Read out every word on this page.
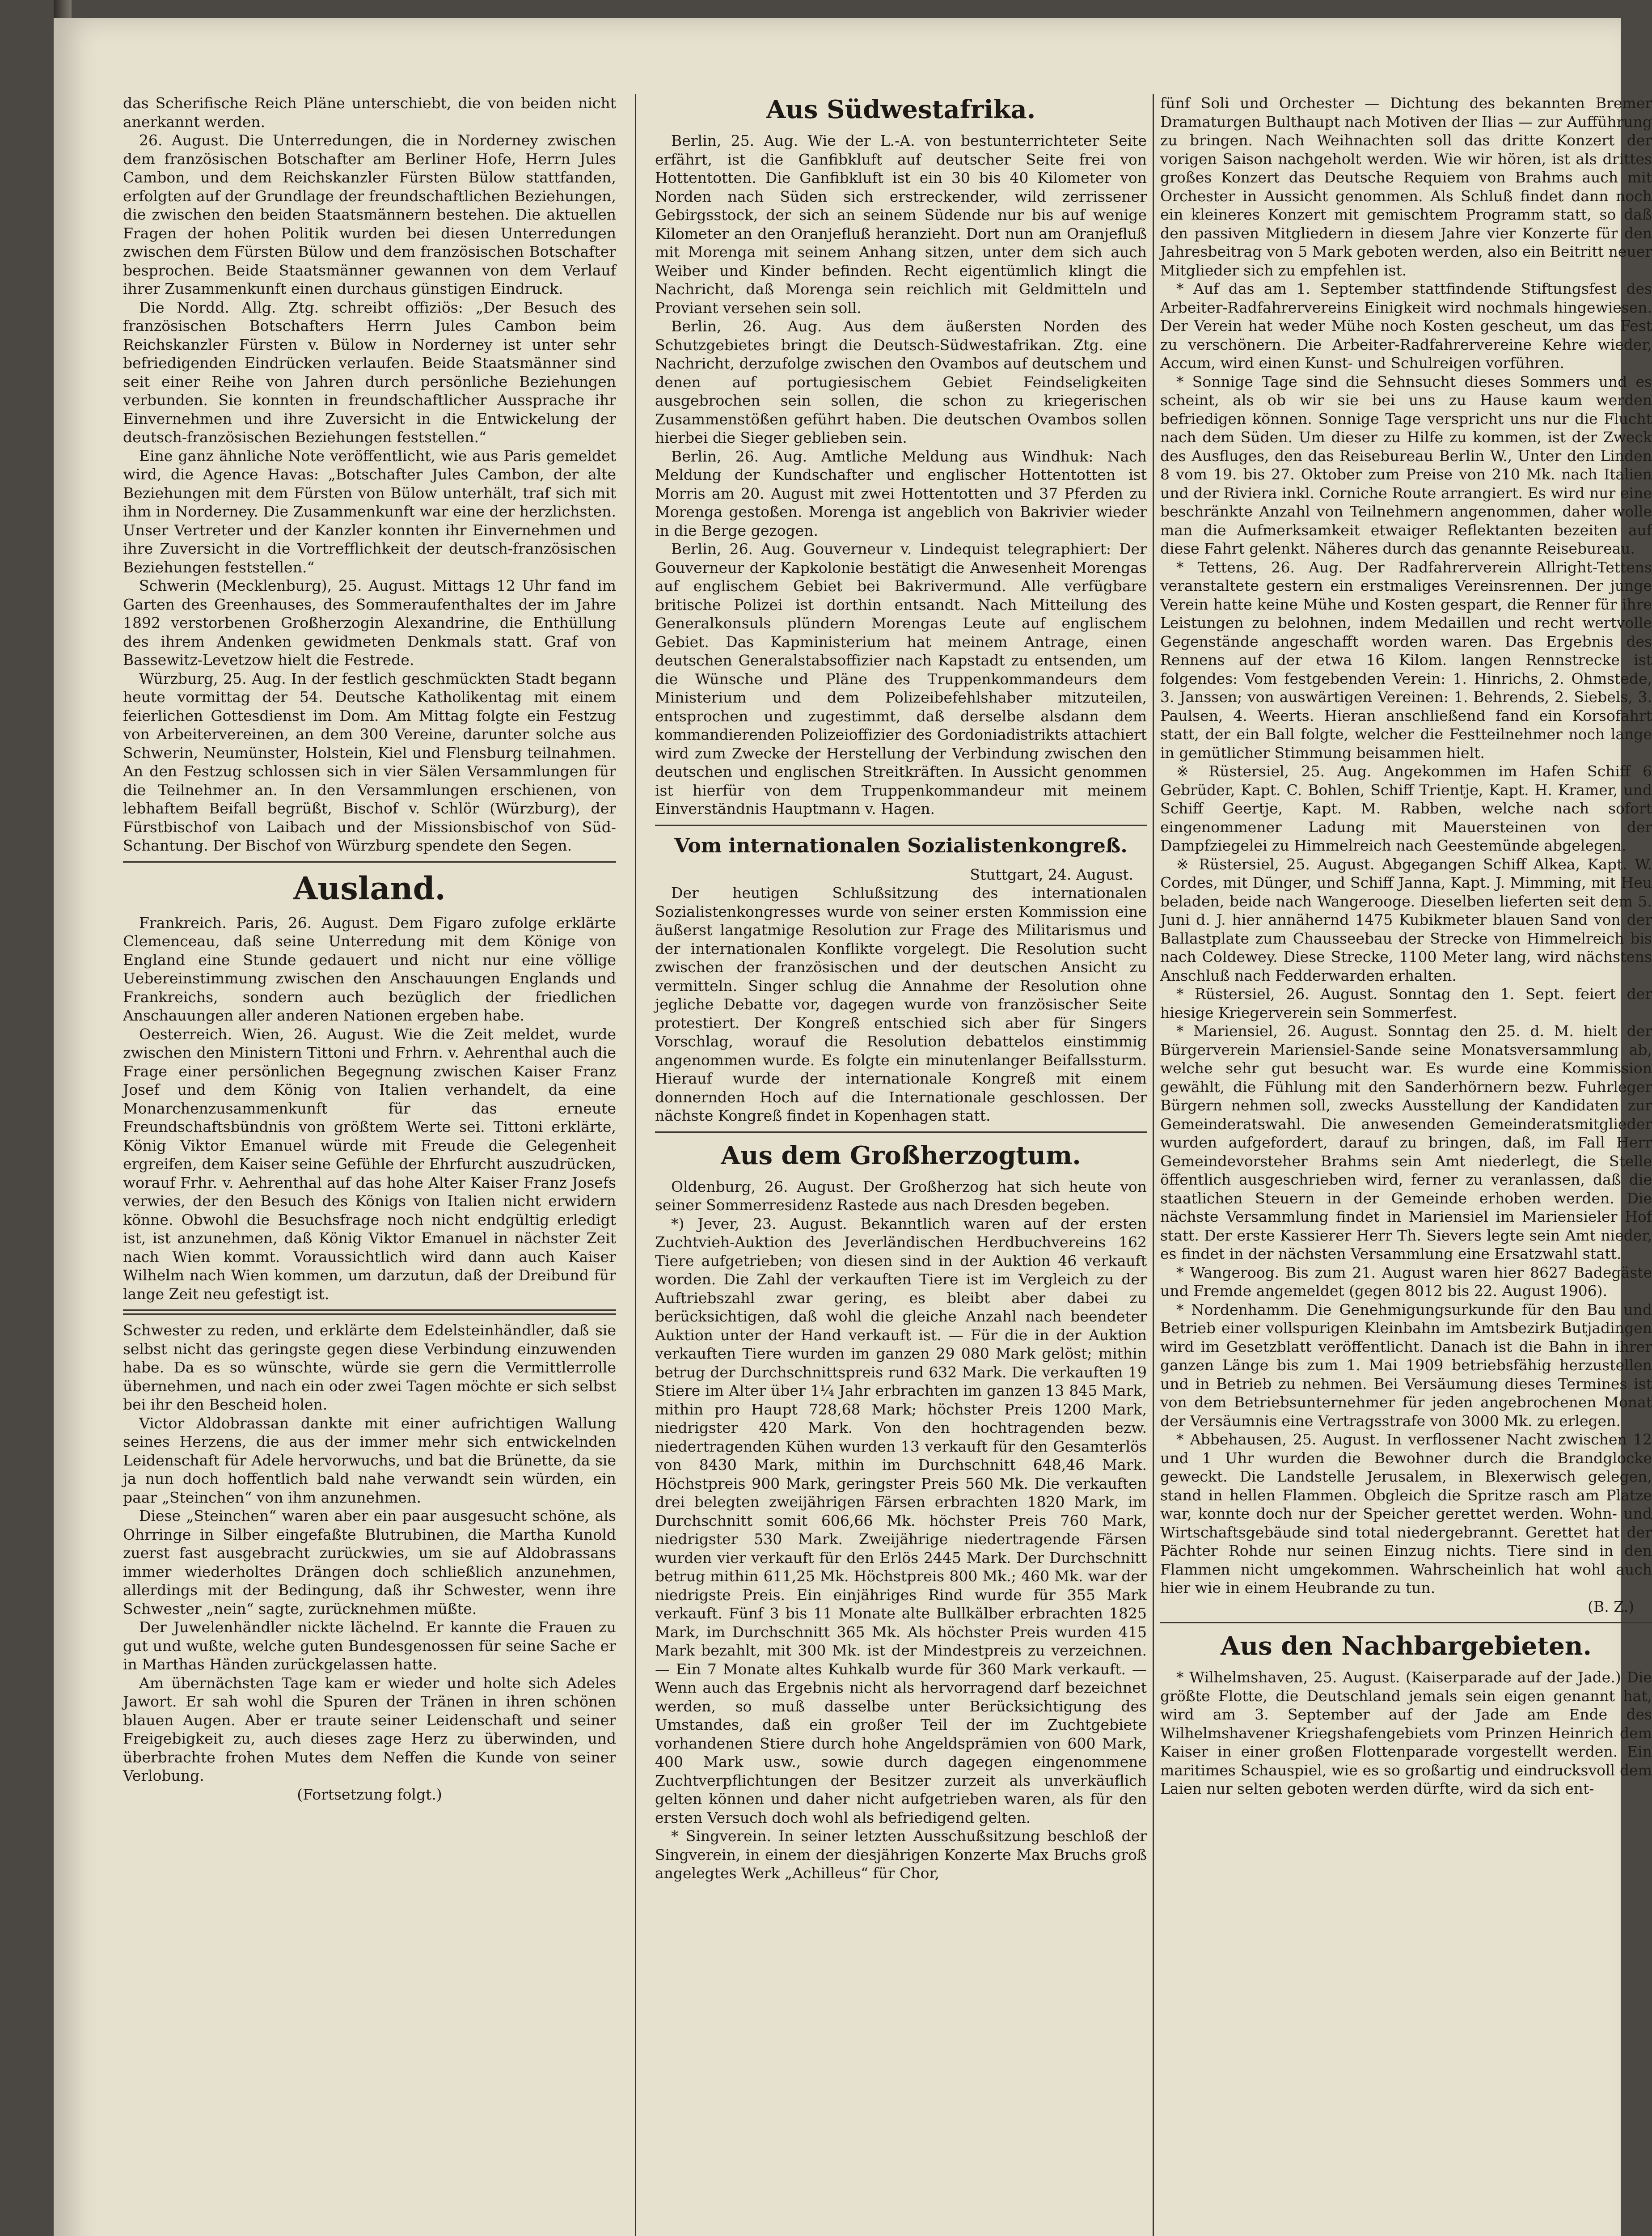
das Scherifische Reich Pläne unterschiebt, die von beiden nicht anerkannt werden.

26. August. Die Unterredungen, die in Norderney zwischen dem französischen Botschafter am Berliner Hofe, Herrn Jules Cambon, und dem Reichskanzler Fürsten Bülow stattfanden, erfolgten auf der Grundlage der freundschaftlichen Beziehungen, die zwischen den beiden Staatsmännern bestehen. Die aktuellen Fragen der hohen Politik wurden bei diesen Unterredungen zwischen dem Fürsten Bülow und dem französischen Botschafter besprochen. Beide Staatsmänner gewannen von dem Verlauf ihrer Zusammenkunft einen durchaus günstigen Eindruck.

Die Nordd. Allg. Ztg. schreibt offiziös: „Der Besuch des französischen Botschafters Herrn Jules Cambon beim Reichskanzler Fürsten v. Bülow in Norderney ist unter sehr befriedigenden Eindrücken verlaufen. Beide Staatsmänner sind seit einer Reihe von Jahren durch persönliche Beziehungen verbunden. Sie konnten in freundschaftlicher Aussprache ihr Einvernehmen und ihre Zuversicht in die Entwickelung der deutsch-französischen Beziehungen feststellen.“

Eine ganz ähnliche Note veröffentlicht, wie aus Paris gemeldet wird, die Agence Havas: „Botschafter Jules Cambon, der alte Beziehungen mit dem Fürsten von Bülow unterhält, traf sich mit ihm in Norderney. Die Zusammenkunft war eine der herzlichsten. Unser Vertreter und der Kanzler konnten ihr Einvernehmen und ihre Zuversicht in die Vortrefflichkeit der deutsch-französischen Beziehungen feststellen.“

Schwerin (Mecklenburg), 25. August. Mittags 12 Uhr fand im Garten des Greenhauses, des Sommeraufenthaltes der im Jahre 1892 verstorbenen Großherzogin Alexandrine, die Enthüllung des ihrem Andenken gewidmeten Denkmals statt. Graf von Bassewitz-Levetzow hielt die Festrede.

Würzburg, 25. Aug. In der festlich geschmückten Stadt begann heute vormittag der 54. Deutsche Katholikentag mit einem feierlichen Gottesdienst im Dom. Am Mittag folgte ein Festzug von Arbeitervereinen, an dem 300 Vereine, darunter solche aus Schwerin, Neumünster, Holstein, Kiel und Flensburg teilnahmen. An den Festzug schlossen sich in vier Sälen Versammlungen für die Teilnehmer an. In den Versammlungen erschienen, von lebhaftem Beifall begrüßt, Bischof v. Schlör (Würzburg), der Fürstbischof von Laibach und der Missionsbischof von Süd-Schantung. Der Bischof von Würzburg spendete den Segen.

Ausland.

Frankreich. Paris, 26. August. Dem Figaro zufolge erklärte Clemenceau, daß seine Unterredung mit dem Könige von England eine Stunde gedauert und nicht nur eine völlige Uebereinstimmung zwischen den Anschauungen Englands und Frankreichs, sondern auch bezüglich der friedlichen Anschauungen aller anderen Nationen ergeben habe.

Oesterreich. Wien, 26. August. Wie die Zeit meldet, wurde zwischen den Ministern Tittoni und Frhrn. v. Aehrenthal auch die Frage einer persönlichen Begegnung zwischen Kaiser Franz Josef und dem König von Italien verhandelt, da eine Monarchenzusammenkunft für das erneute Freundschaftsbündnis von größtem Werte sei. Tittoni erklärte, König Viktor Emanuel würde mit Freude die Gelegenheit ergreifen, dem Kaiser seine Gefühle der Ehrfurcht auszudrücken, worauf Frhr. v. Aehrenthal auf das hohe Alter Kaiser Franz Josefs verwies, der den Besuch des Königs von Italien nicht erwidern könne. Obwohl die Besuchsfrage noch nicht endgültig erledigt ist, ist anzunehmen, daß König Viktor Emanuel in nächster Zeit nach Wien kommt. Voraussichtlich wird dann auch Kaiser Wilhelm nach Wien kommen, um darzutun, daß der Dreibund für lange Zeit neu gefestigt ist.

Schwester zu reden, und erklärte dem Edelsteinhändler, daß sie selbst nicht das geringste gegen diese Verbindung einzuwenden habe. Da es so wünschte, würde sie gern die Vermittlerrolle übernehmen, und nach ein oder zwei Tagen möchte er sich selbst bei ihr den Bescheid holen.

Victor Aldobrassan dankte mit einer aufrichtigen Wallung seines Herzens, die aus der immer mehr sich entwickelnden Leidenschaft für Adele hervorwuchs, und bat die Brünette, da sie ja nun doch hoffentlich bald nahe verwandt sein würden, ein paar „Steinchen“ von ihm anzunehmen.

Diese „Steinchen“ waren aber ein paar ausgesucht schöne, als Ohrringe in Silber eingefaßte Blutrubinen, die Martha Kunold zuerst fast ausgebracht zurückwies, um sie auf Aldobrassans immer wiederholtes Drängen doch schließlich anzunehmen, allerdings mit der Bedingung, daß ihr Schwester, wenn ihre Schwester „nein“ sagte, zurücknehmen müßte.

Der Juwelenhändler nickte lächelnd. Er kannte die Frauen zu gut und wußte, welche guten Bundesgenossen für seine Sache er in Marthas Händen zurückgelassen hatte.

Am übernächsten Tage kam er wieder und holte sich Adeles Jawort. Er sah wohl die Spuren der Tränen in ihren schönen blauen Augen. Aber er traute seiner Leidenschaft und seiner Freigebigkeit zu, auch dieses zage Herz zu überwinden, und überbrachte frohen Mutes dem Neffen die Kunde von seiner Verlobung.

(Fortsetzung folgt.)
Aus Südwestafrika.

Berlin, 25. Aug. Wie der L.-A. von bestunterrichteter Seite erfährt, ist die Ganfibkluft auf deutscher Seite frei von Hottentotten. Die Ganfibkluft ist ein 30 bis 40 Kilometer von Norden nach Süden sich erstreckender, wild zerrissener Gebirgsstock, der sich an seinem Südende nur bis auf wenige Kilometer an den Oranjefluß heranzieht. Dort nun am Oranjefluß mit Morenga mit seinem Anhang sitzen, unter dem sich auch Weiber und Kinder befinden. Recht eigentümlich klingt die Nachricht, daß Morenga sein reichlich mit Geldmitteln und Proviant versehen sein soll.

Berlin, 26. Aug. Aus dem äußersten Norden des Schutzgebietes bringt die Deutsch-Südwestafrikan. Ztg. eine Nachricht, derzufolge zwischen den Ovambos auf deutschem und denen auf portugiesischem Gebiet Feindseligkeiten ausgebrochen sein sollen, die schon zu kriegerischen Zusammenstößen geführt haben. Die deutschen Ovambos sollen hierbei die Sieger geblieben sein.

Berlin, 26. Aug. Amtliche Meldung aus Windhuk: Nach Meldung der Kundschafter und englischer Hottentotten ist Morris am 20. August mit zwei Hottentotten und 37 Pferden zu Morenga gestoßen. Morenga ist angeblich von Bakrivier wieder in die Berge gezogen.

Berlin, 26. Aug. Gouverneur v. Lindequist telegraphiert: Der Gouverneur der Kapkolonie bestätigt die Anwesenheit Morengas auf englischem Gebiet bei Bakrivermund. Alle verfügbare britische Polizei ist dorthin entsandt. Nach Mitteilung des Generalkonsuls plündern Morengas Leute auf englischem Gebiet. Das Kapministerium hat meinem Antrage, einen deutschen Generalstabsoffizier nach Kapstadt zu entsenden, um die Wünsche und Pläne des Truppenkommandeurs dem Ministerium und dem Polizeibefehlshaber mitzuteilen, entsprochen und zugestimmt, daß derselbe alsdann dem kommandierenden Polizeioffizier des Gordoniadistrikts attachiert wird zum Zwecke der Herstellung der Verbindung zwischen den deutschen und englischen Streitkräften. In Aussicht genommen ist hierfür von dem Truppenkommandeur mit meinem Einverständnis Hauptmann v. Hagen.

Vom internationalen Sozialistenkongreß.
Stuttgart, 24. August.

Der heutigen Schlußsitzung des internationalen Sozialistenkongresses wurde von seiner ersten Kommission eine äußerst langatmige Resolution zur Frage des Militarismus und der internationalen Konflikte vorgelegt. Die Resolution sucht zwischen der französischen und der deutschen Ansicht zu vermitteln. Singer schlug die Annahme der Resolution ohne jegliche Debatte vor, dagegen wurde von französischer Seite protestiert. Der Kongreß entschied sich aber für Singers Vorschlag, worauf die Resolution debattelos einstimmig angenommen wurde. Es folgte ein minutenlanger Beifallssturm. Hierauf wurde der internationale Kongreß mit einem donnernden Hoch auf die Internationale geschlossen. Der nächste Kongreß findet in Kopenhagen statt.

Aus dem Großherzogtum.

Oldenburg, 26. August. Der Großherzog hat sich heute von seiner Sommerresidenz Rastede aus nach Dresden begeben.

*) Jever, 23. August. Bekanntlich waren auf der ersten Zuchtvieh-Auktion des Jeverländischen Herdbuchvereins 162 Tiere aufgetrieben; von diesen sind in der Auktion 46 verkauft worden. Die Zahl der verkauften Tiere ist im Vergleich zu der Auftriebszahl zwar gering, es bleibt aber dabei zu berücksichtigen, daß wohl die gleiche Anzahl nach beendeter Auktion unter der Hand verkauft ist. — Für die in der Auktion verkauften Tiere wurden im ganzen 29 080 Mark gelöst; mithin betrug der Durchschnittspreis rund 632 Mark. Die verkauften 19 Stiere im Alter über 1¼ Jahr erbrachten im ganzen 13 845 Mark, mithin pro Haupt 728,68 Mark; höchster Preis 1200 Mark, niedrigster 420 Mark. Von den hochtragenden bezw. niedertragenden Kühen wurden 13 verkauft für den Gesamterlös von 8430 Mark, mithin im Durchschnitt 648,46 Mark. Höchstpreis 900 Mark, geringster Preis 560 Mk. Die verkauften drei belegten zweijährigen Färsen erbrachten 1820 Mark, im Durchschnitt somit 606,66 Mk. höchster Preis 760 Mark, niedrigster 530 Mark. Zweijährige niedertragende Färsen wurden vier verkauft für den Erlös 2445 Mark. Der Durchschnitt betrug mithin 611,25 Mk. Höchstpreis 800 Mk.; 460 Mk. war der niedrigste Preis. Ein einjähriges Rind wurde für 355 Mark verkauft. Fünf 3 bis 11 Monate alte Bullkälber erbrachten 1825 Mark, im Durchschnitt 365 Mk. Als höchster Preis wurden 415 Mark bezahlt, mit 300 Mk. ist der Mindestpreis zu verzeichnen. — Ein 7 Monate altes Kuhkalb wurde für 360 Mark verkauft. — Wenn auch das Ergebnis nicht als hervorragend darf bezeichnet werden, so muß dasselbe unter Berücksichtigung des Umstandes, daß ein großer Teil der im Zuchtgebiete vorhandenen Stiere durch hohe Angeldsprämien von 600 Mark, 400 Mark usw., sowie durch dagegen eingenommene Zuchtverpflichtungen der Besitzer zurzeit als unverkäuflich gelten können und daher nicht aufgetrieben waren, als für den ersten Versuch doch wohl als befriedigend gelten.

* Singverein. In seiner letzten Ausschußsitzung beschloß der Singverein, in einem der diesjährigen Konzerte Max Bruchs groß angelegtes Werk „Achilleus“ für Chor,

fünf Soli und Orchester — Dichtung des bekannten Bremer Dramaturgen Bulthaupt nach Motiven der Ilias — zur Aufführung zu bringen. Nach Weihnachten soll das dritte Konzert der vorigen Saison nachgeholt werden. Wie wir hören, ist als drittes großes Konzert das Deutsche Requiem von Brahms auch mit Orchester in Aussicht genommen. Als Schluß findet dann noch ein kleineres Konzert mit gemischtem Programm statt, so daß den passiven Mitgliedern in diesem Jahre vier Konzerte für den Jahresbeitrag von 5 Mark geboten werden, also ein Beitritt neuer Mitglieder sich zu empfehlen ist.

* Auf das am 1. September stattfindende Stiftungsfest des Arbeiter-Radfahrervereins Einigkeit wird nochmals hingewiesen. Der Verein hat weder Mühe noch Kosten gescheut, um das Fest zu verschönern. Die Arbeiter-Radfahrervereine Kehre wieder, Accum, wird einen Kunst- und Schulreigen vorführen.

* Sonnige Tage sind die Sehnsucht dieses Sommers und es scheint, als ob wir sie bei uns zu Hause kaum werden befriedigen können. Sonnige Tage verspricht uns nur die Flucht nach dem Süden. Um dieser zu Hilfe zu kommen, ist der Zweck des Ausfluges, den das Reisebureau Berlin W., Unter den Linden 8 vom 19. bis 27. Oktober zum Preise von 210 Mk. nach Italien und der Riviera inkl. Corniche Route arrangiert. Es wird nur eine beschränkte Anzahl von Teilnehmern angenommen, daher wolle man die Aufmerksamkeit etwaiger Reflektanten bezeiten auf diese Fahrt gelenkt. Näheres durch das genannte Reisebureau.

* Tettens, 26. Aug. Der Radfahrerverein Allright-Tettens veranstaltete gestern ein erstmaliges Vereinsrennen. Der junge Verein hatte keine Mühe und Kosten gespart, die Renner für ihre Leistungen zu belohnen, indem Medaillen und recht wertvolle Gegenstände angeschafft worden waren. Das Ergebnis des Rennens auf der etwa 16 Kilom. langen Rennstrecke ist folgendes: Vom festgebenden Verein: 1. Hinrichs, 2. Ohmstede, 3. Janssen; von auswärtigen Vereinen: 1. Behrends, 2. Siebels, 3. Paulsen, 4. Weerts. Hieran anschließend fand ein Korsofahrt statt, der ein Ball folgte, welcher die Festteilnehmer noch lange in gemütlicher Stimmung beisammen hielt.

※ Rüstersiel, 25. Aug. Angekommen im Hafen Schiff 6 Gebrüder, Kapt. C. Bohlen, Schiff Trientje, Kapt. H. Kramer, und Schiff Geertje, Kapt. M. Rabben, welche nach sofort eingenommener Ladung mit Mauersteinen von der Dampfziegelei zu Himmelreich nach Geestemünde abgelegen.

※ Rüstersiel, 25. August. Abgegangen Schiff Alkea, Kapt. W. Cordes, mit Dünger, und Schiff Janna, Kapt. J. Mimming, mit Heu beladen, beide nach Wangerooge. Dieselben lieferten seit dem 5. Juni d. J. hier annähernd 1475 Kubikmeter blauen Sand von der Ballastplate zum Chausseebau der Strecke von Himmelreich bis nach Coldewey. Diese Strecke, 1100 Meter lang, wird nächstens Anschluß nach Fedderwarden erhalten.

* Rüstersiel, 26. August. Sonntag den 1. Sept. feiert der hiesige Kriegerverein sein Sommerfest.

* Mariensiel, 26. August. Sonntag den 25. d. M. hielt der Bürgerverein Mariensiel-Sande seine Monatsversammlung ab, welche sehr gut besucht war. Es wurde eine Kommission gewählt, die Fühlung mit den Sanderhörnern bezw. Fuhrleger Bürgern nehmen soll, zwecks Ausstellung der Kandidaten zur Gemeinderatswahl. Die anwesenden Gemeinderatsmitglieder wurden aufgefordert, darauf zu bringen, daß, im Fall Herr Gemeindevorsteher Brahms sein Amt niederlegt, die Stelle öffentlich ausgeschrieben wird, ferner zu veranlassen, daß die staatlichen Steuern in der Gemeinde erhoben werden. Die nächste Versammlung findet in Mariensiel im Mariensieler Hof statt. Der erste Kassierer Herr Th. Sievers legte sein Amt nieder, es findet in der nächsten Versammlung eine Ersatzwahl statt.

* Wangeroog. Bis zum 21. August waren hier 8627 Badegäste und Fremde angemeldet (gegen 8012 bis 22. August 1906).

* Nordenhamm. Die Genehmigungsurkunde für den Bau und Betrieb einer vollspurigen Kleinbahn im Amtsbezirk Butjadingen wird im Gesetzblatt veröffentlicht. Danach ist die Bahn in ihrer ganzen Länge bis zum 1. Mai 1909 betriebsfähig herzustellen und in Betrieb zu nehmen. Bei Versäumung dieses Termines ist von dem Betriebsunternehmer für jeden angebrochenen Monat der Versäumnis eine Vertragsstrafe von 3000 Mk. zu erlegen.

* Abbehausen, 25. August. In verflossener Nacht zwischen 12 und 1 Uhr wurden die Bewohner durch die Brandglocke geweckt. Die Landstelle Jerusalem, in Blexerwisch gelegen, stand in hellen Flammen. Obgleich die Spritze rasch am Platze war, konnte doch nur der Speicher gerettet werden. Wohn- und Wirtschaftsgebäude sind total niedergebrannt. Gerettet hat der Pächter Rohde nur seinen Einzug nichts. Tiere sind in den Flammen nicht umgekommen. Wahrscheinlich hat wohl auch hier wie in einem Heubrande zu tun.

(B. Z.)
Aus den Nachbargebieten.

* Wilhelmshaven, 25. August. (Kaiserparade auf der Jade.) Die größte Flotte, die Deutschland jemals sein eigen genannt hat, wird am 3. September auf der Jade am Ende des Wilhelmshavener Kriegshafengebiets vom Prinzen Heinrich dem Kaiser in einer großen Flottenparade vorgestellt werden. Ein maritimes Schauspiel, wie es so großartig und eindrucksvoll dem Laien nur selten geboten werden dürfte, wird da sich ent-
